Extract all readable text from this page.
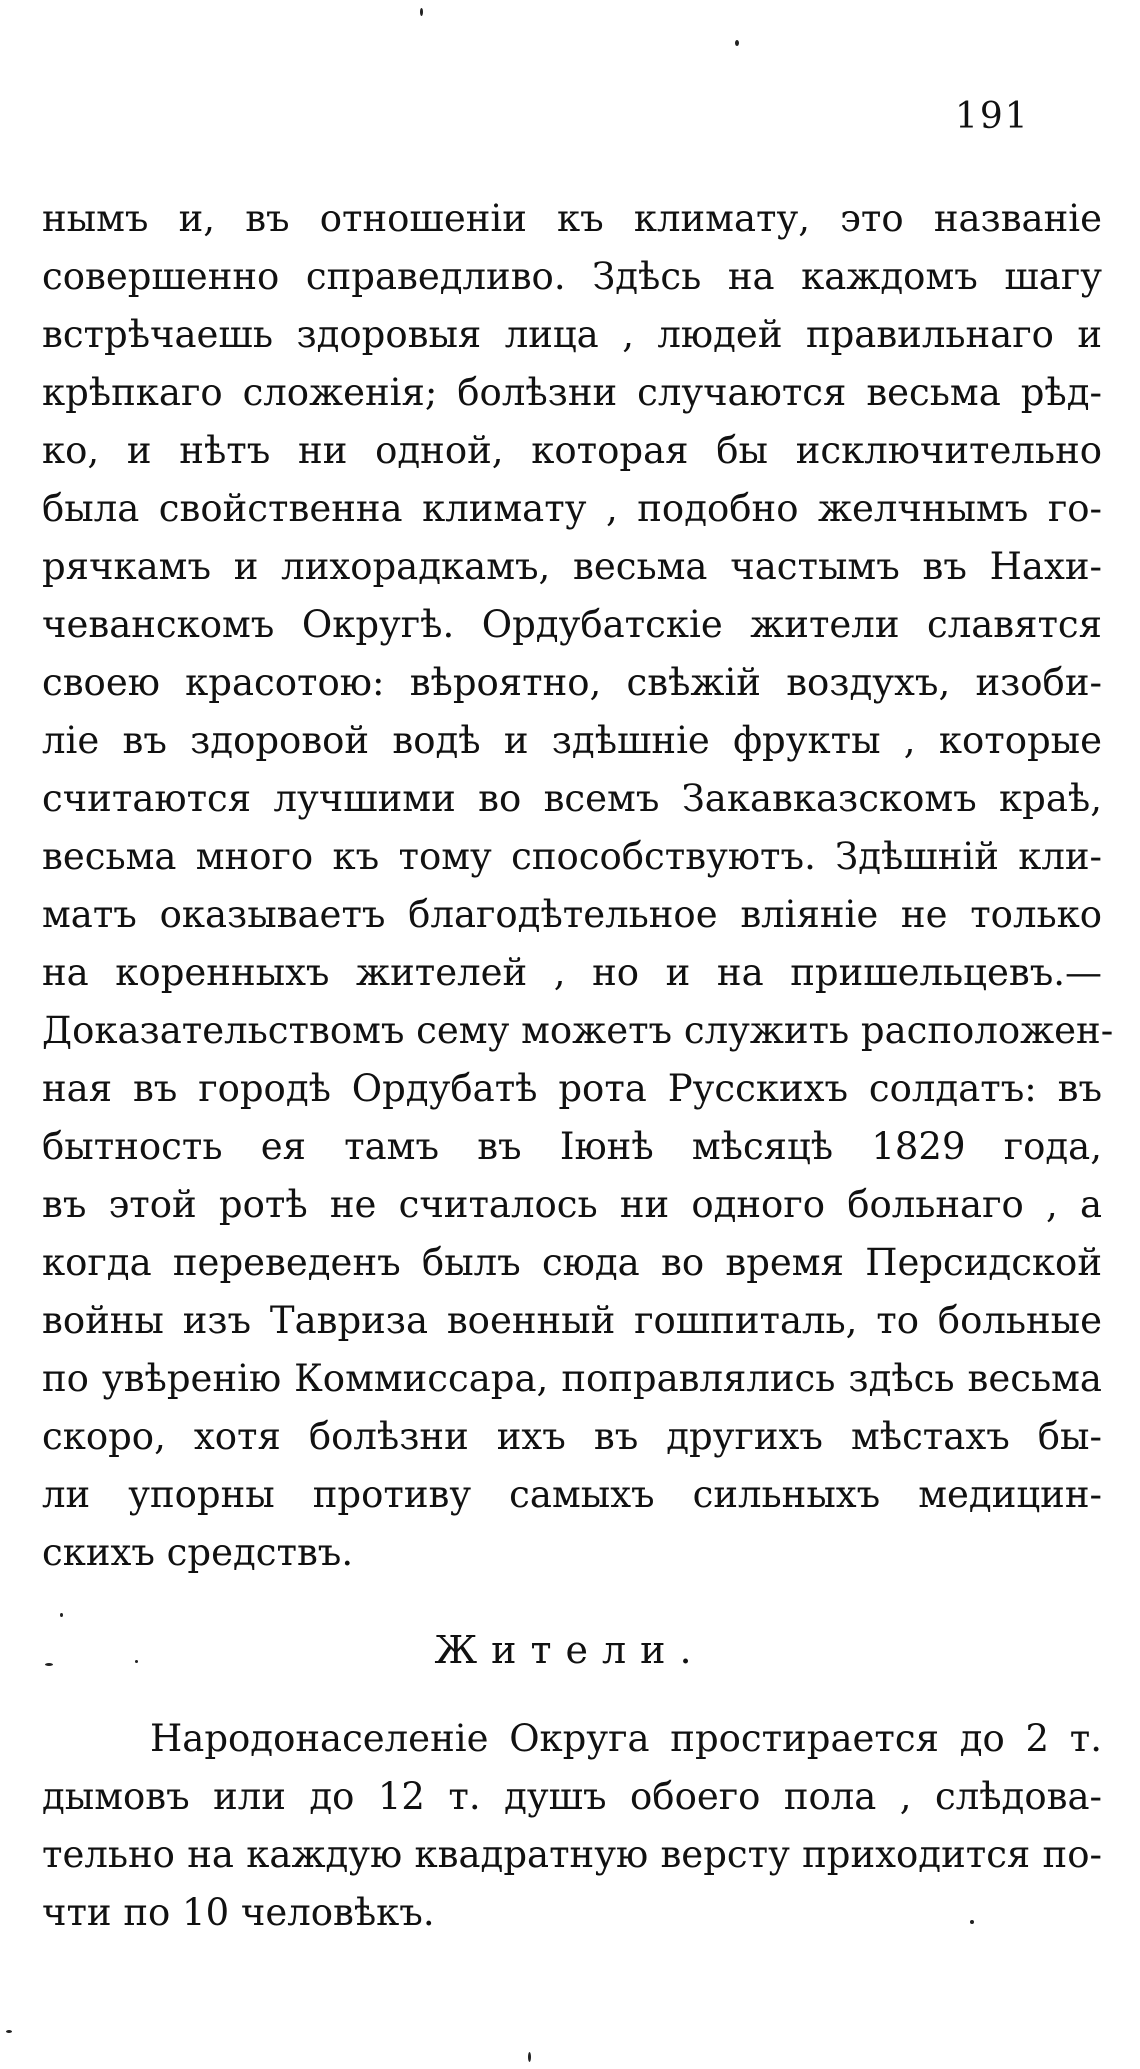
191
нымъ и, въ отношеніи къ климату, это названіе
совершенно справедливо. Здѣсь на каждомъ шагу
встрѣчаешь здоровыя лица , людей правильнаго и
крѣпкаго сложенія; болѣзни случаются весьма рѣд-
ко, и нѣтъ ни одной, которая бы исключительно
была свойственна климату , подобно желчнымъ го-
рячкамъ и лихорадкамъ, весьма частымъ въ Нахи-
чеванскомъ Округѣ. Ордубатскіе жители славятся
своею красотою: вѣроятно, свѣжій воздухъ, изоби-
ліе въ здоровой водѣ и здѣшніе фрукты , которые
считаются лучшими во всемъ Закавказскомъ краѣ,
весьма много къ тому способствуютъ. Здѣшній кли-
матъ оказываетъ благодѣтельное вліяніе не только
на коренныхъ жителей , но и на пришельцевъ.—
Доказательствомъ сему можетъ служить расположен-
ная въ городѣ Ордубатѣ рота Русскихъ солдатъ: въ
бытность ея тамъ въ Іюнѣ мѣсяцѣ 1829 года,
въ этой ротѣ не считалось ни одного больнаго , а
когда переведенъ былъ сюда во время Персидской
войны изъ Тавриза военный гошпиталь, то больные
по увѣренію Коммиссара, поправлялись здѣсь весьма
скоро, хотя болѣзни ихъ въ другихъ мѣстахъ бы-
ли упорны противу самыхъ сильныхъ медицин-
скихъ средствъ.
Жители.
Народонаселеніе Округа простирается до 2 т.
дымовъ или до 12 т. душъ обоего пола , слѣдова-
тельно на каждую квадратную версту приходится по-
чти по 10 человѣкъ.
